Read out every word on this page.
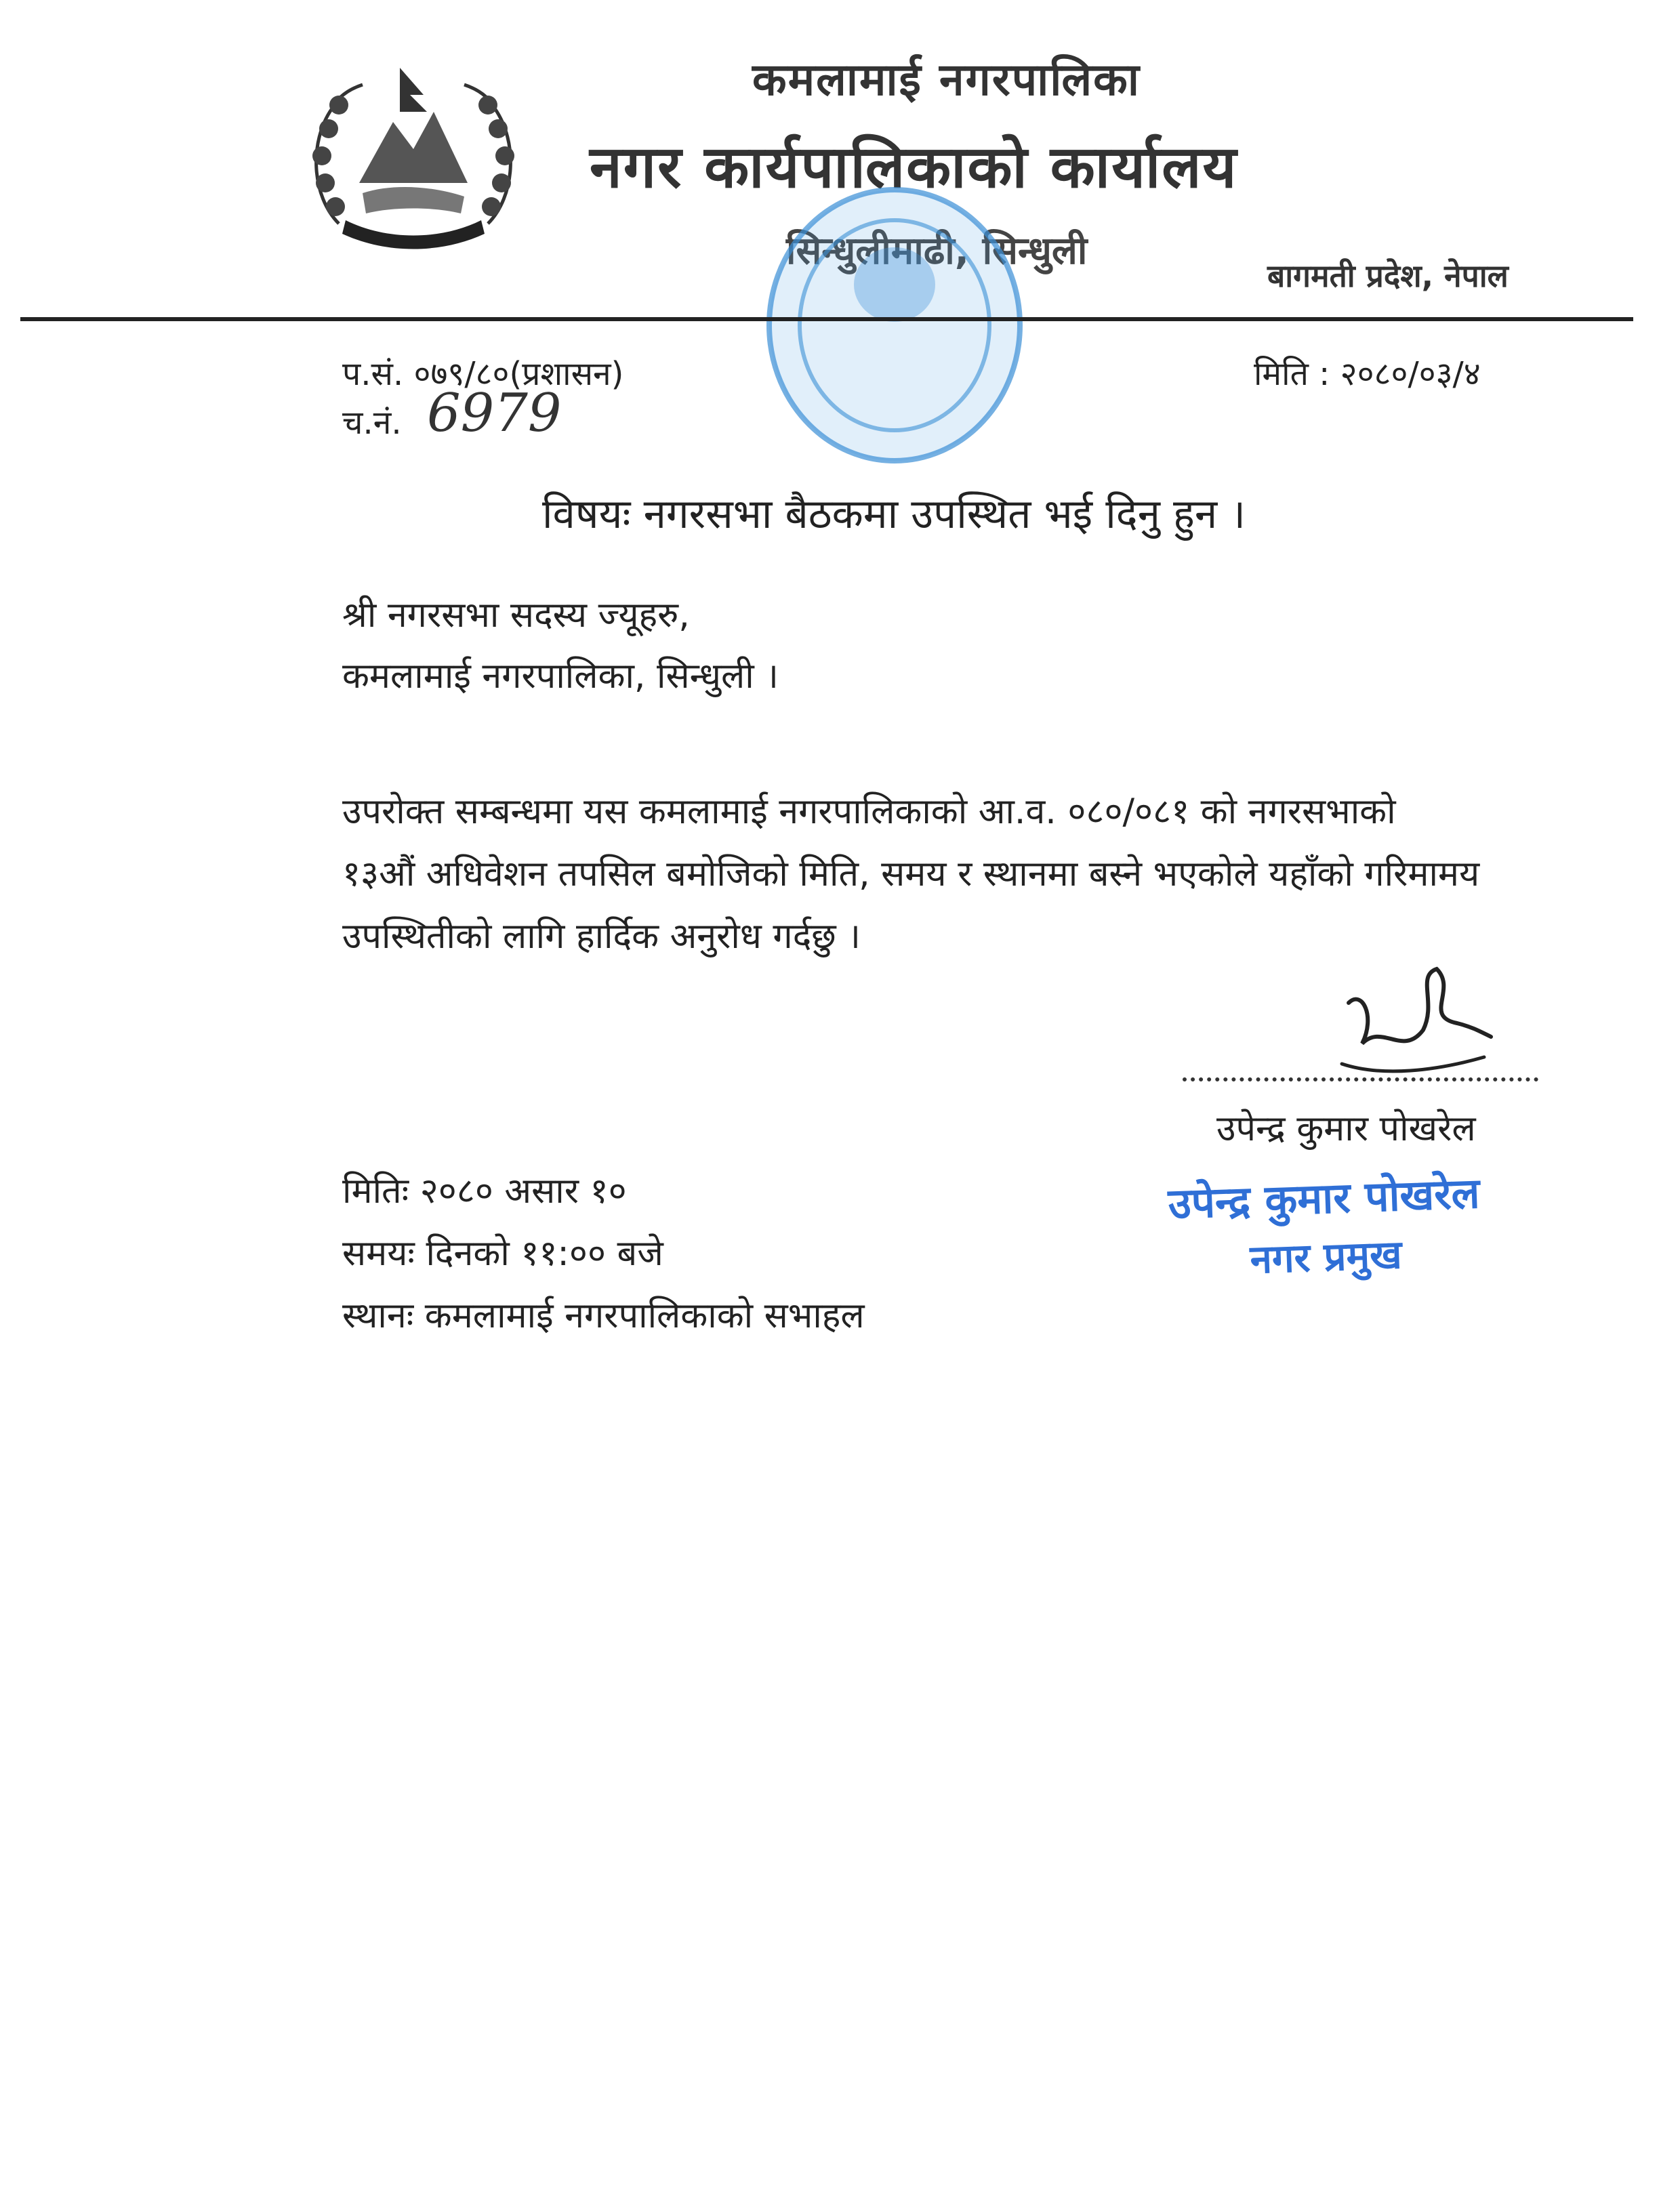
कमलामाई नगरपालिका
नगर कार्यपालिकाको कार्यालय
सिन्धुलीमाढी, सिन्धुली
बागमती प्रदेश, नेपाल
प.सं. ०७९/८०(प्रशासन)
च.नं. 6979
मिति : २०८०/०३/४
विषयः नगरसभा बैठकमा उपस्थित भई दिनु हुन ।
श्री नगरसभा सदस्य ज्यूहरु,
कमलामाई नगरपालिका, सिन्धुली ।
उपरोक्त सम्बन्धमा यस कमलामाई नगरपालिकाको आ.व. ०८०/०८१ को नगरसभाको
१३औं अधिवेशन तपसिल बमोजिको मिति, समय र स्थानमा बस्ने भएकोले यहाँको गरिमामय
उपस्थितीको लागि हार्दिक अनुरोध गर्दछु ।
उपेन्द्र कुमार पोखरेल
उपेन्द्र कुमार पोखरेल
नगर प्रमुख
मितिः २०८० असार १०
समयः दिनको ११:०० बजे
स्थानः कमलामाई नगरपालिकाको सभाहल
